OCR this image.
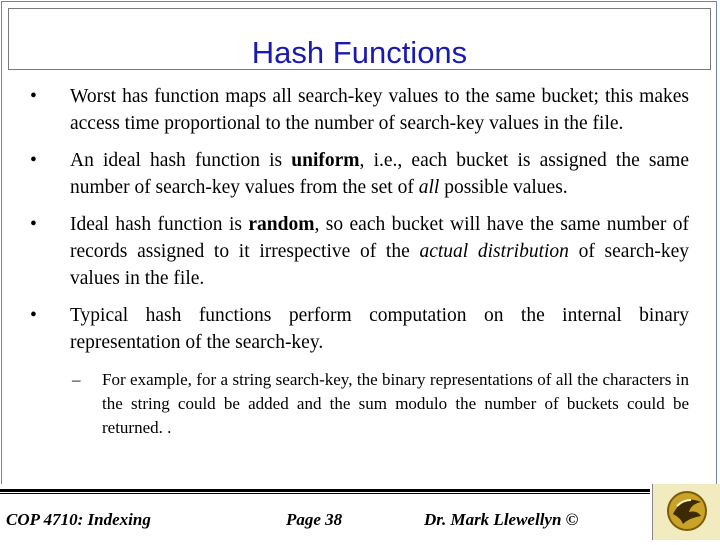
Hash Functions
• Worst has function maps all search-key values to the same bucket; this makes access time proportional to the number of search-key values in the file.
• An ideal hash function is uniform, i.e., each bucket is assigned the same number of search-key values from the set of all possible values.
• Ideal hash function is random, so each bucket will have the same number of records assigned to it irrespective of the actual distribution of search-key values in the file.
• Typical hash functions perform computation on the internal binary representation of the search-key.
– For example, for a string search-key, the binary representations of all the characters in the string could be added and the sum modulo the number of buckets could be returned. .
COP 4710: Indexing	Page 38	Dr. Mark Llewellyn ©
